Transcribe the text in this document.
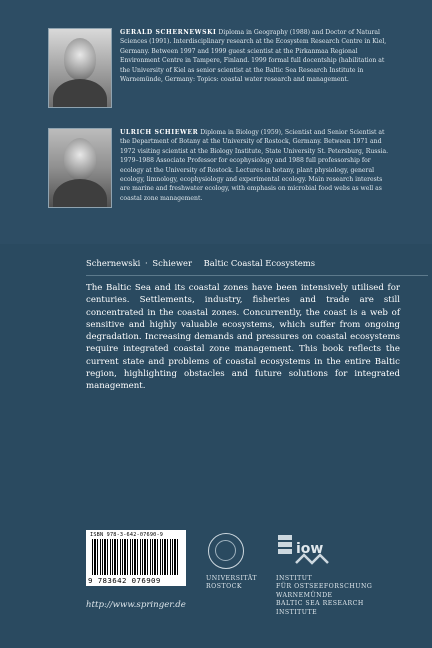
GERALD SCHERNEWSKI Diploma in Geography (1988) and Doctor of Natural Sciences (1991). Interdisciplinary research at the Ecosystem Research Centre in Kiel, Germany. Between 1997 and 1999 guest scientist at the Pirkanmaa Regional Environment Centre in Tampere, Finland. 1999 formal full docentship (habilitation at the University of Kiel as senior scientist at the Baltic Sea Research Institute in Warnemünde, Germany: Topics: coastal water research and management.

ULRICH SCHIEWER Diploma in Biology (1959), Scientist and Senior Scientist at the Department of Botany at the University of Rostock, Germany. Between 1971 and 1972 visiting scientist at the Biology Institute, State University St. Petersburg, Russia. 1979–1988 Associate Professor for ecophysiology and 1988 full professorship for ecology at the University of Rostock. Lectures in botany, plant physiology, general ecology, limnology, ecophysiology and experimental ecology. Main research interests are marine and freshwater ecology, with emphasis on microbial food webs as well as coastal zone management.

Schernewski · Schiewer Baltic Coastal Ecosystems

The Baltic Sea and its coastal zones have been intensively utilised for centuries. Settlements, industry, fisheries and trade are still concentrated in the coastal zones. Concurrently, the coast is a web of sensitive and highly valuable ecosystems, which suffer from ongoing degradation. Increasing demands and pressures on coastal ecosystems require integrated coastal zone management. This book reflects the current state and problems of coastal ecosystems in the entire Baltic region, highlighting obstacles and future solutions for integrated management.

ISBN 978-3-642-07690-9
9 783642 076909	UNIVERSITÄT
ROSTOCK
iow
INSTITUT
FÜR OSTSEEFORSCHUNG
WARNEMÜNDE
BALTIC SEA RESEARCH
INSTITUTE
http://www.springer.de
